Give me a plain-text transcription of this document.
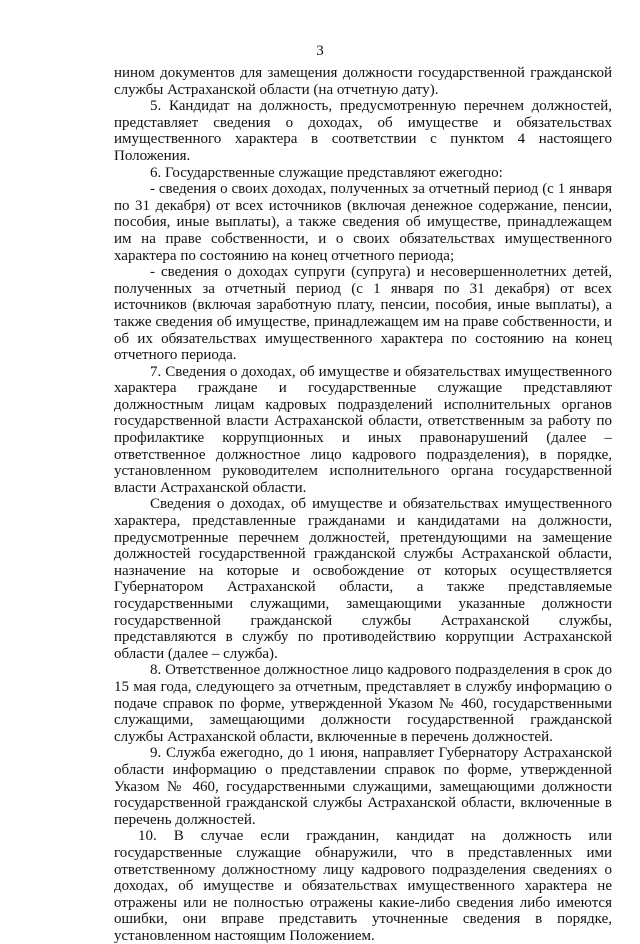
3

нином документов для замещения должности государственной гражданской службы Астраханской области (на отчетную дату).

5. Кандидат на должность, предусмотренную перечнем должностей, представляет сведения о доходах, об имуществе и обязательствах имущественного характера в соответствии с пунктом 4 настоящего Положения.

6. Государственные служащие представляют ежегодно:

- сведения о своих доходах, полученных за отчетный период (с 1 января по 31 декабря) от всех источников (включая денежное содержание, пенсии, пособия, иные выплаты), а также сведения об имуществе, принадлежащем им на праве собственности, и о своих обязательствах имущественного характера по состоянию на конец отчетного периода;

- сведения о доходах супруги (супруга) и несовершеннолетних детей, полученных за отчетный период (с 1 января по 31 декабря) от всех источников (включая заработную плату, пенсии, пособия, иные выплаты), а также сведения об имуществе, принадлежащем им на праве собственности, и об их обязательствах имущественного характера по состоянию на конец отчетного периода.

7. Сведения о доходах, об имуществе и обязательствах имущественного характера граждане и государственные служащие представляют должностным лицам кадровых подразделений исполнительных органов государственной власти Астраханской области, ответственным за работу по профилактике коррупционных и иных правонарушений (далее – ответственное должностное лицо кадрового подразделения), в порядке, установленном руководителем исполнительного органа государственной власти Астраханской области.

Сведения о доходах, об имуществе и обязательствах имущественного характера, представленные гражданами и кандидатами на должности, предусмотренные перечнем должностей, претендующими на замещение должностей государственной гражданской службы Астраханской области, назначение на которые и освобождение от которых осуществляется Губернатором Астраханской области, а также представляемые государственными служащими, замещающими указанные должности государственной гражданской службы Астраханской службы, представляются в службу по противодействию коррупции Астраханской области (далее – служба).

8. Ответственное должностное лицо кадрового подразделения в срок до 15 мая года, следующего за отчетным, представляет в службу информацию о подаче справок по форме, утвержденной Указом № 460, государственными служащими, замещающими должности государственной гражданской службы Астраханской области, включенные в перечень должностей.

9. Служба ежегодно, до 1 июня, направляет Губернатору Астраханской области информацию о представлении справок по форме, утвержденной Указом № 460, государственными служащими, замещающими должности государственной гражданской службы Астраханской области, включенные в перечень должностей.

10. В случае если гражданин, кандидат на должность или государственные служащие обнаружили, что в представленных ими ответственному должностному лицу кадрового подразделения сведениях о доходах, об имуществе и обязательствах имущественного характера не отражены или не полностью отражены какие-либо сведения либо имеются ошибки, они вправе представить уточненные сведения в порядке, установленном настоящим Положением.
